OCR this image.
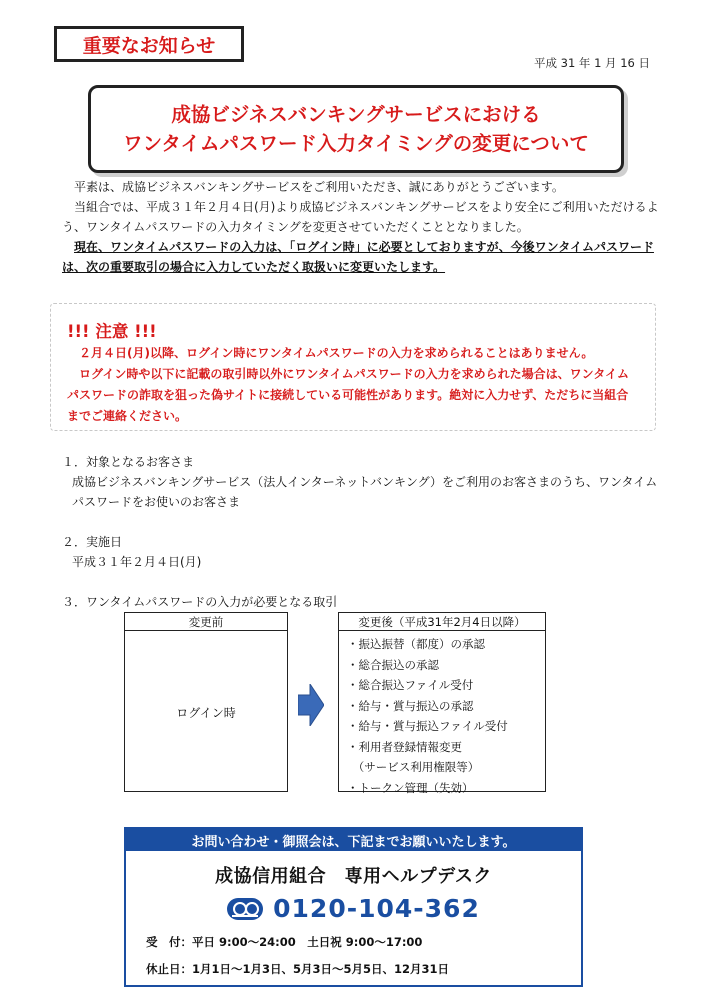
重要なお知らせ
平成 31 年 1 月 16 日
成協ビジネスバンキングサービスにおける
ワンタイムパスワード入力タイミングの変更について

平素は、成協ビジネスバンキングサービスをご利用いただき、誠にありがとうございます。

当組合では、平成３１年２月４日(月)より成協ビジネスバンキングサービスをより安全にご利用いただけるよう、ワンタイムパスワードの入力タイミングを変更させていただくこととなりました。

現在、ワンタイムパスワードの入力は、「ログイン時」に必要としておりますが、今後ワンタイムパスワードは、次の重要取引の場合に入力していただく取扱いに変更いたします。

!!! 注意 !!!

２月４日(月)以降、ログイン時にワンタイムパスワードの入力を求められることはありません。

ログイン時や以下に記載の取引時以外にワンタイムパスワードの入力を求められた場合は、ワンタイムパスワードの詐取を狙った偽サイトに接続している可能性があります。絶対に入力せず、ただちに当組合までご連絡ください。

１．対象となるお客さま
成協ビジネスバンキングサービス（法人インターネットバンキング）をご利用のお客さまのうち、ワンタイムパスワードをお使いのお客さま
２．実施日
平成３１年２月４日(月)
３．ワンタイムパスワードの入力が必要となる取引
変更前
ログイン時
変更後（平成31年2月4日以降）
・振込振替（都度）の承認
・総合振込の承認
・総合振込ファイル受付
・給与・賞与振込の承認
・給与・賞与振込ファイル受付
・利用者登録情報変更
　（サービス利用権限等）
・トークン管理（失効）
お問い合わせ・御照会は、下記までお願いいたします。
成協信用組合　専用ヘルプデスク
0120-104-362

受　付：平日 9:00～24:00　土日祝 9:00～17:00

休止日：1月1日～1月3日、5月3日～5月5日、12月31日
